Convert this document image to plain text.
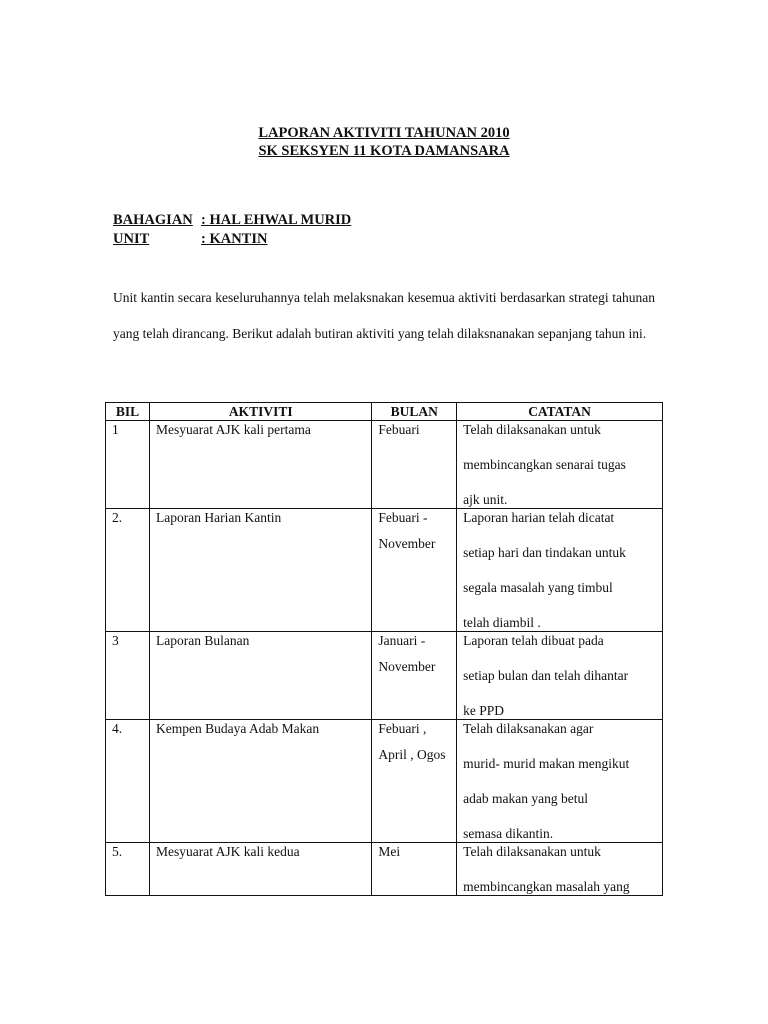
LAPORAN AKTIVITI TAHUNAN 2010
SK SEKSYEN 11 KOTA DAMANSARA
BAHAGIAN : HAL EHWAL MURID
UNIT	: KANTIN

Unit kantin secara keseluruhannya telah melaksnakan kesemua aktiviti berdasarkan strategi tahunan yang telah dirancang. Berikut adalah butiran aktiviti yang telah dilaksnanakan sepanjang tahun ini.

BIL	AKTIVITI	BULAN	CATATAN
1	Mesyuarat AJK kali pertama	Febuari	Telah dilaksanakan untuk
membincangkan senarai tugas
ajk unit.

2.	Laporan Harian Kantin	Febuari -
November	Laporan harian telah dicatat
setiap hari dan tindakan untuk
segala masalah yang timbul
telah diambil .

3	Laporan Bulanan	Januari -
November	Laporan telah dibuat pada
setiap bulan dan telah dihantar
ke PPD

4.	Kempen Budaya Adab Makan	Febuari ,
April , Ogos	Telah dilaksanakan agar
murid- murid makan mengikut
adab makan yang betul
semasa dikantin.

5.	Mesyuarat AJK kali kedua	Mei	Telah dilaksanakan untuk
membincangkan masalah yang
